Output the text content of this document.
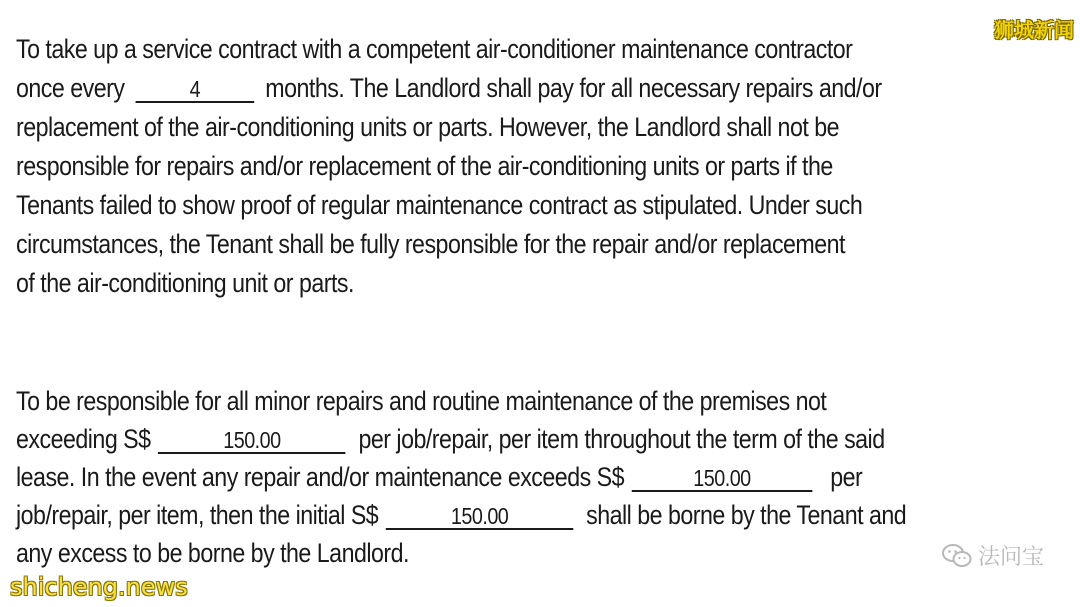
To take up a service contract with a competent air-conditioner maintenance contractor
once every	4 months. The Landlord shall pay for all necessary repairs and/or
replacement of the air-conditioning units or parts. However, the Landlord shall not be
responsible for repairs and/or replacement of the air-conditioning units or parts if the
Tenants failed to show proof of regular maintenance contract as stipulated. Under such
circumstances, the Tenant shall be fully responsible for the repair and/or replacement
of the air-conditioning unit or parts.
To be responsible for all minor repairs and routine maintenance of the premises not
exceeding S$	150.00	per job/repair, per item throughout the term of the said
lease. In the event any repair and/or maintenance exceeds S$	150.00	per
job/repair, per item, then the initial S$	150.00	shall be borne by the Tenant and
any excess to be borne by the Landlord.
狮城新闻
法问宝
shicheng.news
